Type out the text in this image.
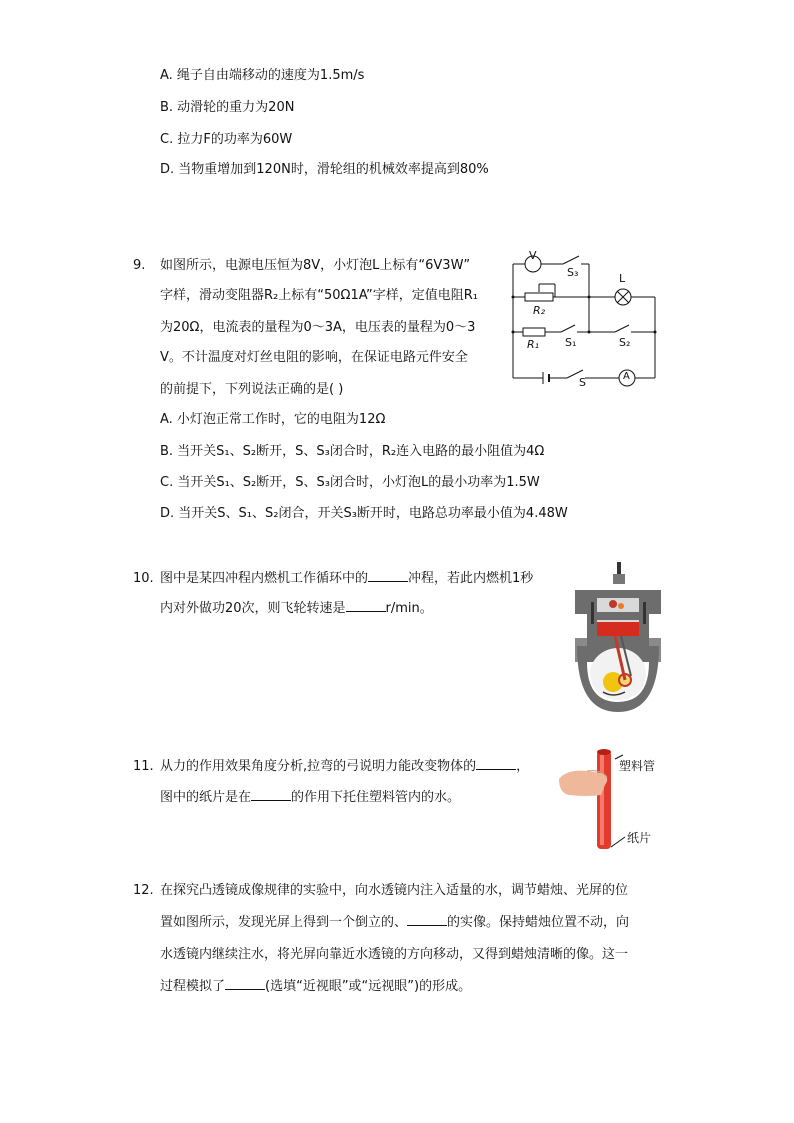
A. 绳子自由端移动的速度为1.5m/s
B. 动滑轮的重力为20N
C. 拉力F的功率为60W
D. 当物重增加到120N时，滑轮组的机械效率提高到80%
9.	如图所示，电源电压恒为8V，小灯泡L上标有“6V3W”
字样，滑动变阻器R₂上标有“50Ω1A”字样，定值电阻R₁
为20Ω，电流表的量程为0～3A，电压表的量程为0～3
V。不计温度对灯丝电阻的影响，在保证电路元件安全
的前提下，下列说法正确的是( )
A. 小灯泡正常工作时，它的电阻为12Ω
B. 当开关S₁、S₂断开，S、S₃闭合时，R₂连入电路的最小阻值为4Ω
C. 当开关S₁、S₂断开，S、S₃闭合时，小灯泡L的最小功率为1.5W
D. 当开关S、S₁、S₂闭合，开关S₃断开时，电路总功率最小值为4.48W
V
S₃	L
R₂
R₁ S₁	S₂
S	A
10. 图中是某四冲程内燃机工作循环中的	冲程，若此内燃机1秒
内对外做功20次，则飞轮转速是	r/min。
11. 从力的作用效果角度分析,拉弯的弓说明力能改变物体的	，
图中的纸片是在	的作用下托住塑料管内的水。
塑料管
纸片
12. 在探究凸透镜成像规律的实验中，向水透镜内注入适量的水，调节蜡烛、光屏的位
置如图所示，发现光屏上得到一个倒立的、	的实像。保持蜡烛位置不动，向
水透镜内继续注水，将光屏向靠近水透镜的方向移动，又得到蜡烛清晰的像。这一
过程模拟了	(选填“近视眼”或“远视眼”)的形成。
